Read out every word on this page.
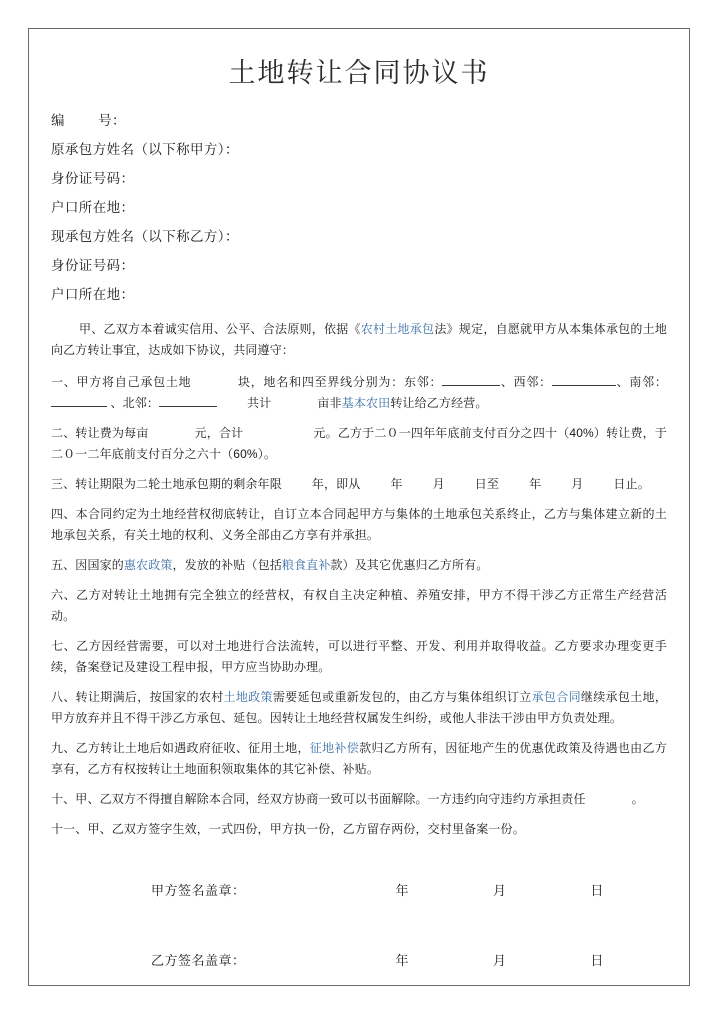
土地转让合同协议书
编        号：
原承包方姓名（以下称甲方）：
身份证号码：
户口所在地：
现承包方姓名（以下称乙方）：
身份证号码：
户口所在地：

甲、乙双方本着诚实信用、公平、合法原则，依据《农村土地承包法》规定，自愿就甲方从本集体承包的土地向乙方转让事宜，达成如下协议，共同遵守：

一、甲方将自己承包土地	块，地名和四至界线分别为：东邻：	、西邻：	、南邻： 、北邻：	共计	亩非基本农田转让给乙方经营。

二、转让费为每亩	元，合计	元。乙方于二０一四年年底前支付百分之四十（40%）转让费，于二０一二年底前支付百分之六十（60%）。

三、转让期限为二轮土地承包期的剩余年限	年，即从	年	月	日至	年	月	日止。

四、本合同约定为土地经营权彻底转让，自订立本合同起甲方与集体的土地承包关系终止，乙方与集体建立新的土地承包关系，有关土地的权利、义务全部由乙方享有并承担。

五、因国家的惠农政策，发放的补贴（包括粮食直补款）及其它优惠归乙方所有。

六、乙方对转让土地拥有完全独立的经营权，有权自主决定种植、养殖安排，甲方不得干涉乙方正常生产经营活动。

七、乙方因经营需要，可以对土地进行合法流转，可以进行平整、开发、利用并取得收益。乙方要求办理变更手续，备案登记及建设工程申报，甲方应当协助办理。

八、转让期满后，按国家的农村土地政策需要延包或重新发包的，由乙方与集体组织订立承包合同继续承包土地，甲方放弃并且不得干涉乙方承包、延包。因转让土地经营权属发生纠纷，或他人非法干涉由甲方负责处理。

九、乙方转让土地后如遇政府征收、征用土地，征地补偿款归乙方所有，因征地产生的优惠优政策及待遇也由乙方享有，乙方有权按转让土地面积领取集体的其它补偿、补贴。

十、甲、乙双方不得擅自解除本合同，经双方协商一致可以书面解除。一方违约向守违约方承担责任	。

十一、甲、乙双方签字生效，一式四份，甲方执一份，乙方留存两份，交村里备案一份。

甲方签名盖章：	年    月    日
乙方签名盖章：	年    月    日
